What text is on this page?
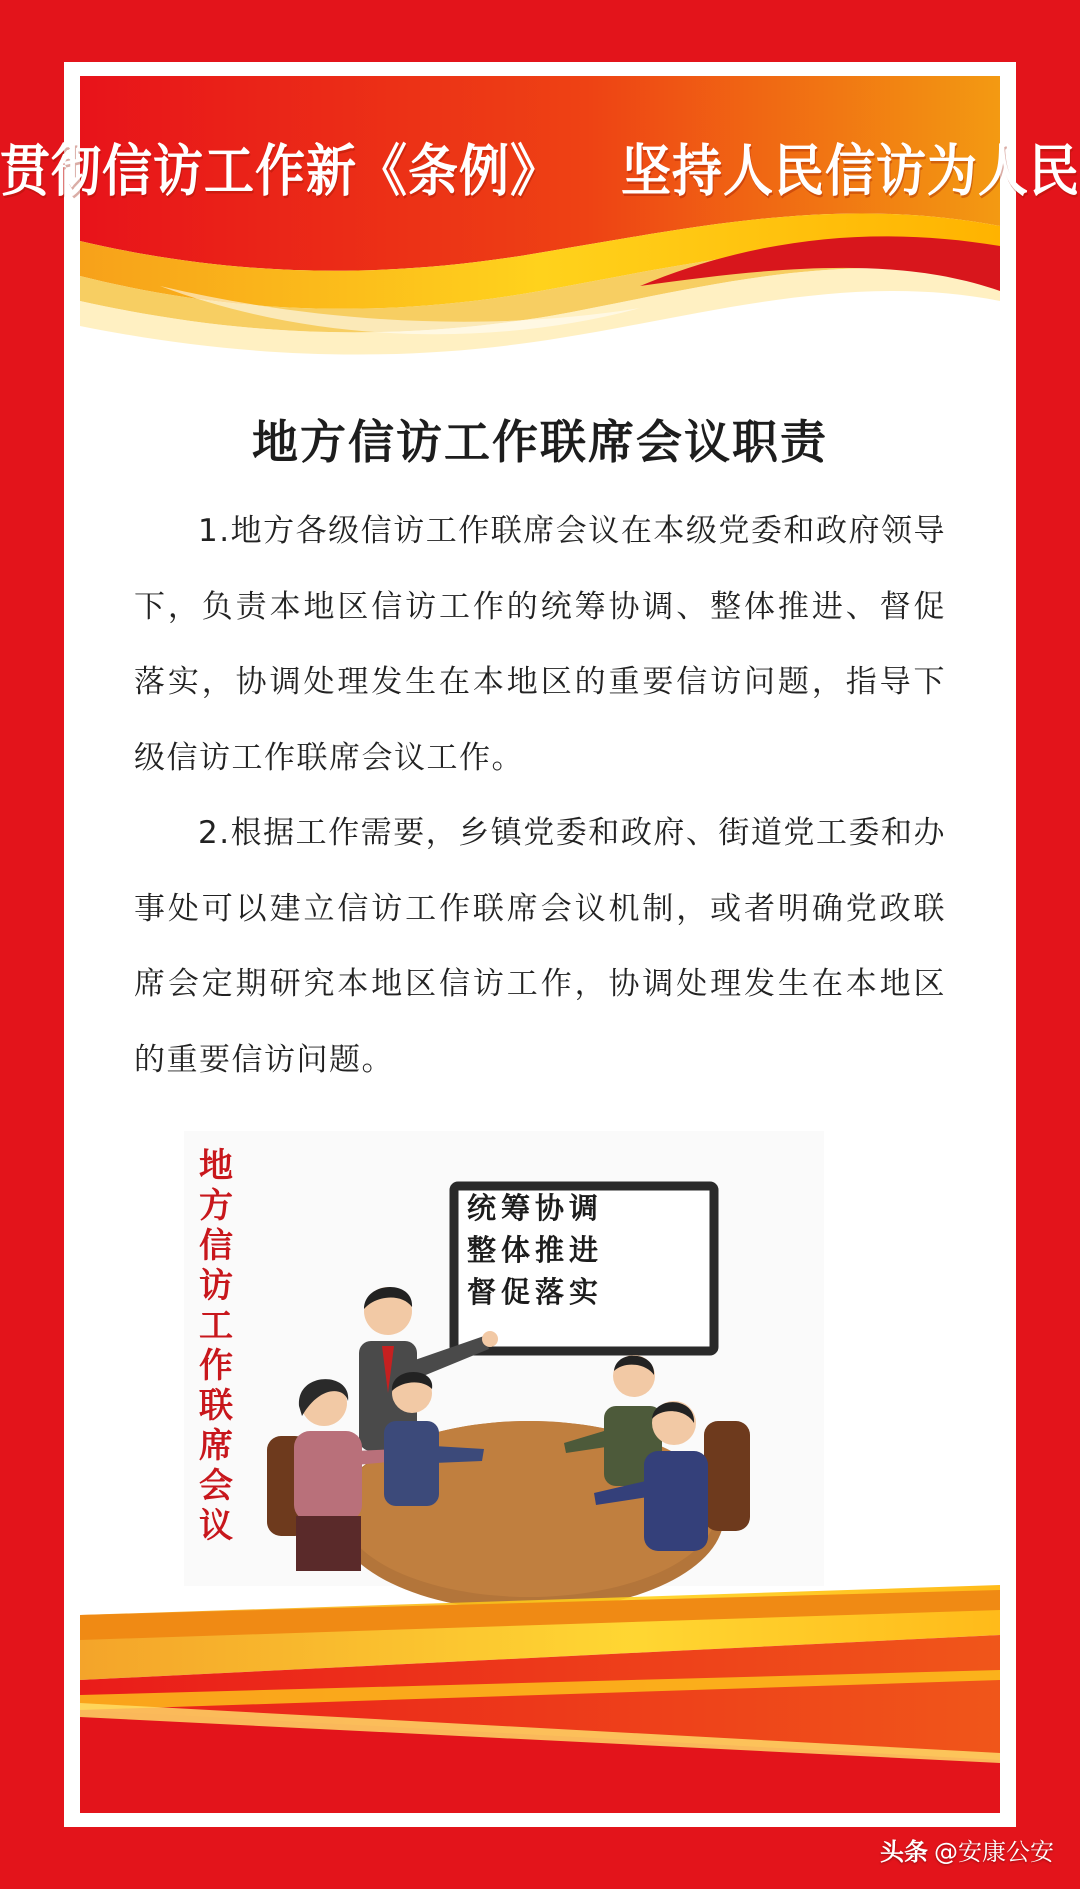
贯彻信访工作新《条例》 坚持人民信访为人民
地方信访工作联席会议职责

1.地方各级信访工作联席会议在本级党委和政府领导下，负责本地区信访工作的统筹协调、整体推进、督促落实，协调处理发生在本地区的重要信访问题，指导下级信访工作联席会议工作。

2.根据工作需要，乡镇党委和政府、街道党工委和办事处可以建立信访工作联席会议机制，或者明确党政联席会定期研究本地区信访工作，协调处理发生在本地区的重要信访问题。

地方信访工作联席会议
统筹协调
整体推进
督促落实
头条 @安康公安
